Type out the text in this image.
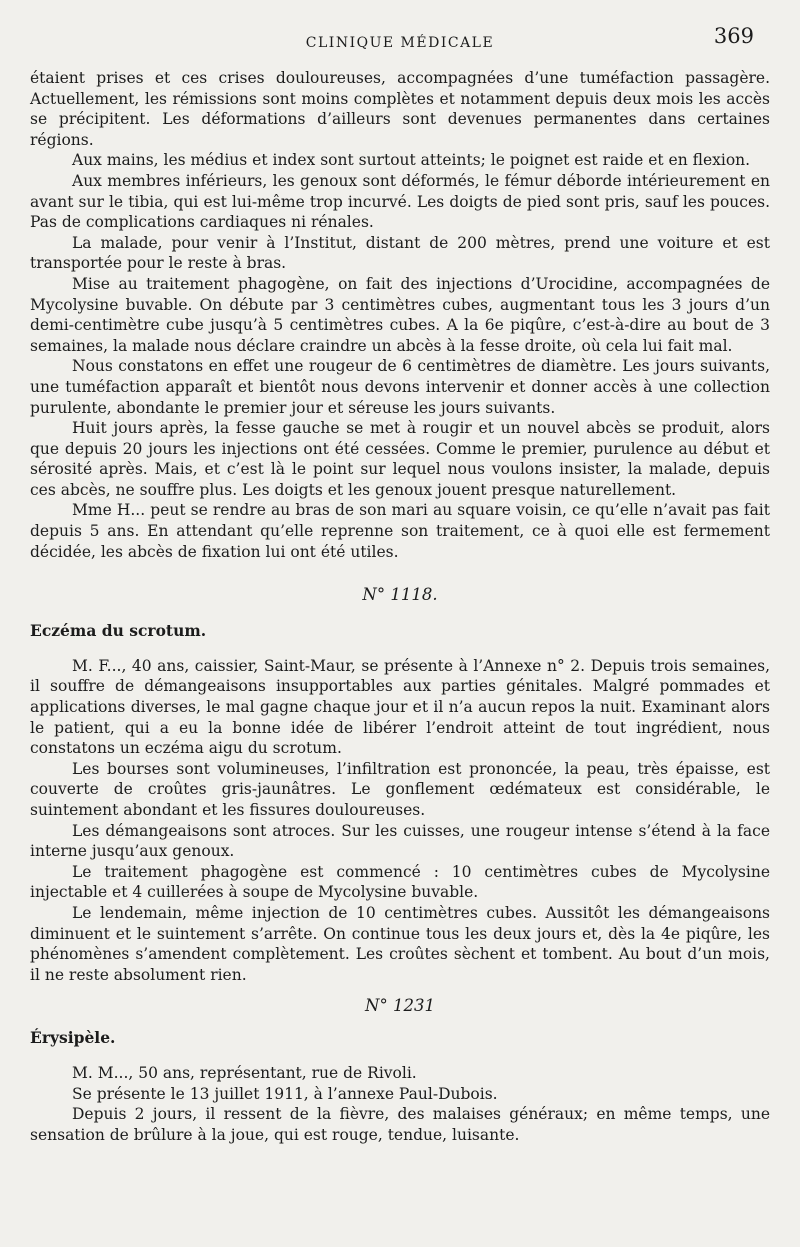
CLINIQUE MÉDICALE	369

étaient prises et ces crises douloureuses, accompagnées d’une tuméfaction passagère. Actuellement, les rémissions sont moins complètes et notamment depuis deux mois les accès se précipitent. Les déformations d’ailleurs sont devenues permanentes dans certaines régions.

Aux mains, les médius et index sont surtout atteints; le poignet est raide et en flexion.

Aux membres inférieurs, les genoux sont déformés, le fémur déborde intérieurement en avant sur le tibia, qui est lui-même trop incurvé. Les doigts de pied sont pris, sauf les pouces. Pas de complications cardiaques ni rénales.

La malade, pour venir à l’Institut, distant de 200 mètres, prend une voiture et est transportée pour le reste à bras.

Mise au traitement phagogène, on fait des injections d’Urocidine, accompagnées de Mycolysine buvable. On débute par 3 centimètres cubes, augmentant tous les 3 jours d’un demi-centimètre cube jusqu’à 5 centimètres cubes. A la 6e piqûre, c’est-à-dire au bout de 3 semaines, la malade nous déclare craindre un abcès à la fesse droite, où cela lui fait mal.

Nous constatons en effet une rougeur de 6 centimètres de diamètre. Les jours suivants, une tuméfaction apparaît et bientôt nous devons intervenir et donner accès à une collection purulente, abondante le premier jour et séreuse les jours suivants.

Huit jours après, la fesse gauche se met à rougir et un nouvel abcès se produit, alors que depuis 20 jours les injections ont été cessées. Comme le premier, purulence au début et sérosité après. Mais, et c’est là le point sur lequel nous voulons insister, la malade, depuis ces abcès, ne souffre plus. Les doigts et les genoux jouent presque naturellement.

Mme H... peut se rendre au bras de son mari au square voisin, ce qu’elle n’avait pas fait depuis 5 ans. En attendant qu’elle reprenne son traitement, ce à quoi elle est fermement décidée, les abcès de fixation lui ont été utiles.

N° 1118.
Eczéma du scrotum.

M. F..., 40 ans, caissier, Saint-Maur, se présente à l’Annexe n° 2. Depuis trois semaines, il souffre de démangeaisons insupportables aux parties génitales. Malgré pommades et applications diverses, le mal gagne chaque jour et il n’a aucun repos la nuit. Examinant alors le patient, qui a eu la bonne idée de libérer l’endroit atteint de tout ingrédient, nous constatons un eczéma aigu du scrotum.

Les bourses sont volumineuses, l’infiltration est prononcée, la peau, très épaisse, est couverte de croûtes gris-jaunâtres. Le gonflement œdémateux est considérable, le suintement abondant et les fissures douloureuses.

Les démangeaisons sont atroces. Sur les cuisses, une rougeur intense s’étend à la face interne jusqu’aux genoux.

Le traitement phagogène est commencé : 10 centimètres cubes de Mycolysine injectable et 4 cuillerées à soupe de Mycolysine buvable.

Le lendemain, même injection de 10 centimètres cubes. Aussitôt les démangeaisons diminuent et le suintement s’arrête. On continue tous les deux jours et, dès la 4e piqûre, les phénomènes s’amendent complètement. Les croûtes sèchent et tombent. Au bout d’un mois, il ne reste absolument rien.

N° 1231
Érysipèle.

M. M..., 50 ans, représentant, rue de Rivoli.

Se présente le 13 juillet 1911, à l’annexe Paul-Dubois.

Depuis 2 jours, il ressent de la fièvre, des malaises généraux; en même temps, une sensation de brûlure à la joue, qui est rouge, tendue, luisante.
